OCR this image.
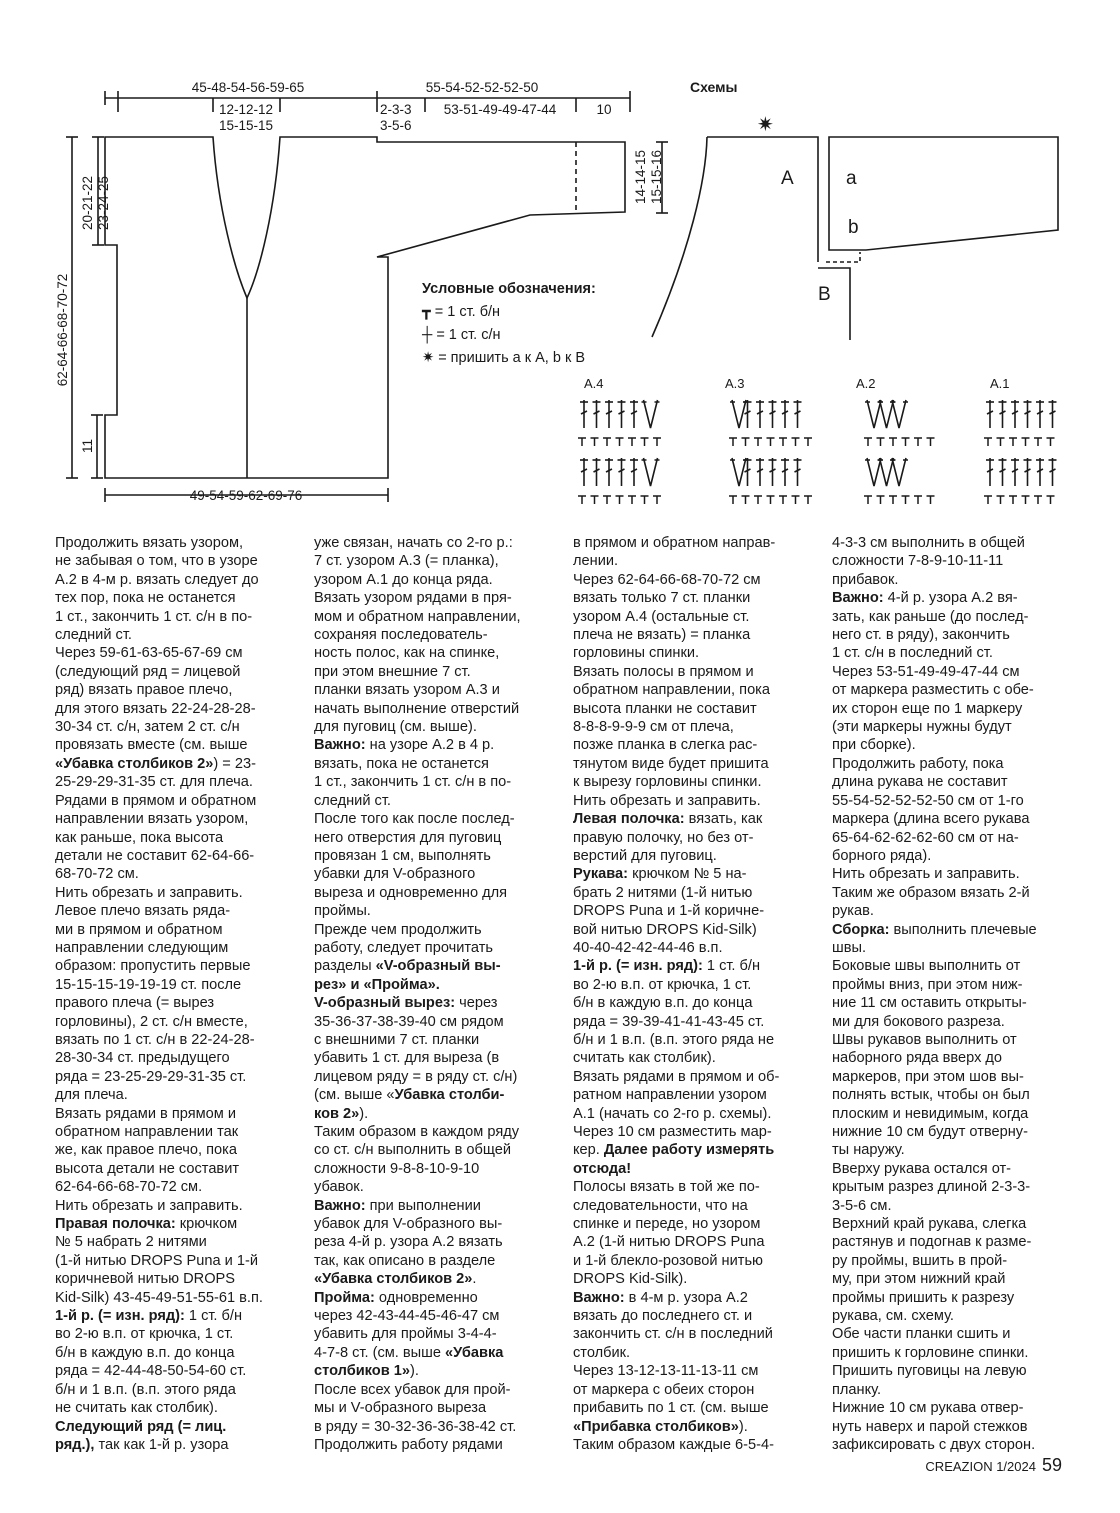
✷
45-48-54-56-59-65
12-12-12
15-15-15
55-54-52-52-52-50
2-3-3
3-5-6
53-51-49-49-47-44	10
14-14-15 15-15-16
20-21-22 23-24-25
62-64-66-68-70-72
11
49-54-59-62-69-76
Схемы
A	a
b
B
Условные обозначения:
┳ = 1 ст. б/н
┼ = 1 ст. с/н
✷ = пришить а к А, b к В
A.4	A.3	A.2	A.1
Продолжить вязать узором,
не забывая о том, что в узоре
А.2 в 4-м р. вязать следует до
тех пор, пока не останется
1 ст., закончить 1 ст. с/н в по-
следний ст.
Через 59-61-63-65-67-69 см
(следующий ряд = лицевой
ряд) вязать правое плечо,
для этого вязать 22-24-28-28-
30-34 ст. с/н, затем 2 ст. с/н
провязать вместе (см. выше
«Убавка столбиков 2») = 23-
25-29-29-31-35 ст. для плеча.
Рядами в прямом и обратном
направлении вязать узором,
как раньше, пока высота
детали не составит 62-64-66-
68-70-72 см.
Нить обрезать и заправить.
Левое плечо вязать ряда-
ми в прямом и обратном
направлении следующим
образом: пропустить первые
15-15-15-19-19-19 ст. после
правого плеча (= вырез
горловины), 2 ст. с/н вместе,
вязать по 1 ст. с/н в 22-24-28-
28-30-34 ст. предыдущего
ряда = 23-25-29-29-31-35 ст.
для плеча.
Вязать рядами в прямом и
обратном направлении так
же, как правое плечо, пока
высота детали не составит
62-64-66-68-70-72 см.
Нить обрезать и заправить.
Правая полочка: крючком
№ 5 набрать 2 нитями
(1-й нитью DROPS Puna и 1-й
коричневой нитью DROPS
Kid-Silk) 43-45-49-51-55-61 в.п.
1-й р. (= изн. ряд): 1 ст. б/н
во 2-ю в.п. от крючка, 1 ст.
б/н в каждую в.п. до конца
ряда = 42-44-48-50-54-60 ст.
б/н и 1 в.п. (в.п. этого ряда
не считать как столбик).
Следующий ряд (= лиц.
ряд.), так как 1-й р. узора
уже связан, начать со 2-го р.:
7 ст. узором А.3 (= планка),
узором А.1 до конца ряда.
Вязать узором рядами в пря-
мом и обратном направлении,
сохраняя последователь-
ность полос, как на спинке,
при этом внешние 7 ст.
планки вязать узором А.3 и
начать выполнение отверстий
для пуговиц (см. выше).
Важно: на узоре А.2 в 4 р.
вязать, пока не останется
1 ст., закончить 1 ст. с/н в по-
следний ст.
После того как после послед-
него отверстия для пуговиц
провязан 1 см, выполнять
убавки для V-образного
выреза и одновременно для
проймы.
Прежде чем продолжить
работу, следует прочитать
разделы «V-образный вы-
рез» и «Пройма».
V-образный вырез: через
35-36-37-38-39-40 см рядом
с внешними 7 ст. планки
убавить 1 ст. для выреза (в
лицевом ряду = в ряду ст. с/н)
(см. выше «Убавка столби-
ков 2»).
Таким образом в каждом ряду
со ст. с/н выполнить в общей
сложности 9-8-8-10-9-10
убавок.
Важно: при выполнении
убавок для V-образного вы-
реза 4-й р. узора А.2 вязать
так, как описано в разделе
«Убавка столбиков 2».
Пройма: одновременно
через 42-43-44-45-46-47 см
убавить для проймы 3-4-4-
4-7-8 ст. (см. выше «Убавка
столбиков 1»).
После всех убавок для прой-
мы и V-образного выреза
в ряду = 30-32-36-36-38-42 ст.
Продолжить работу рядами
в прямом и обратном направ-
лении.
Через 62-64-66-68-70-72 см
вязать только 7 ст. планки
узором А.4 (остальные ст.
плеча не вязать) = планка
горловины спинки.
Вязать полосы в прямом и
обратном направлении, пока
высота планки не составит
8-8-8-9-9-9 см от плеча,
позже планка в слегка рас-
тянутом виде будет пришита
к вырезу горловины спинки.
Нить обрезать и заправить.
Левая полочка: вязать, как
правую полочку, но без от-
верстий для пуговиц.
Рукава: крючком № 5 на-
брать 2 нитями (1-й нитью
DROPS Puna и 1-й коричне-
вой нитью DROPS Kid-Silk)
40-40-42-42-44-46 в.п.
1-й р. (= изн. ряд): 1 ст. б/н
во 2-ю в.п. от крючка, 1 ст.
б/н в каждую в.п. до конца
ряда = 39-39-41-41-43-45 ст.
б/н и 1 в.п. (в.п. этого ряда не
считать как столбик).
Вязать рядами в прямом и об-
ратном направлении узором
А.1 (начать со 2-го р. схемы).
Через 10 см разместить мар-
кер. Далее работу измерять
отсюда!
Полосы вязать в той же по-
следовательности, что на
спинке и переде, но узором
А.2 (1-й нитью DROPS Puna
и 1-й блекло-розовой нитью
DROPS Kid-Silk).
Важно: в 4-м р. узора А.2
вязать до последнего ст. и
закончить ст. с/н в последний
столбик.
Через 13-12-13-11-13-11 см
от маркера с обеих сторон
прибавить по 1 ст. (см. выше
«Прибавка столбиков»).
Таким образом каждые 6-5-4-
4-3-3 см выполнить в общей
сложности 7-8-9-10-11-11
прибавок.
Важно: 4-й р. узора А.2 вя-
зать, как раньше (до послед-
него ст. в ряду), закончить
1 ст. с/н в последний ст.
Через 53-51-49-49-47-44 см
от маркера разместить с обе-
их сторон еще по 1 маркеру
(эти маркеры нужны будут
при сборке).
Продолжить работу, пока
длина рукава не составит
55-54-52-52-52-50 см от 1-го
маркера (длина всего рукава
65-64-62-62-62-60 см от на-
борного ряда).
Нить обрезать и заправить.
Таким же образом вязать 2-й
рукав.
Сборка: выполнить плечевые
швы.
Боковые швы выполнить от
проймы вниз, при этом ниж-
ние 11 см оставить открыты-
ми для бокового разреза.
Швы рукавов выполнить от
наборного ряда вверх до
маркеров, при этом шов вы-
полнять встык, чтобы он был
плоским и невидимым, когда
нижние 10 см будут отверну-
ты наружу.
Вверху рукава остался от-
крытым разрез длиной 2-3-3-
3-5-6 см.
Верхний край рукава, слегка
растянув и подогнав к разме-
ру проймы, вшить в прой-
му, при этом нижний край
проймы пришить к разрезу
рукава, см. схему.
Обе части планки сшить и
пришить к горловине спинки.
Пришить пуговицы на левую
планку.
Нижние 10 см рукава отвер-
нуть наверх и парой стежков
зафиксировать с двух сторон.
CREAZION 1/2024 59
